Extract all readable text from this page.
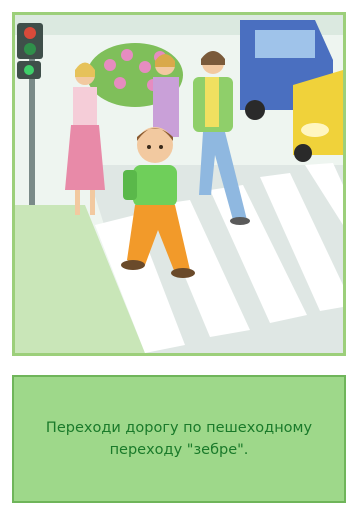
Переходи дорогу по пешеходному переходу "зебре".
